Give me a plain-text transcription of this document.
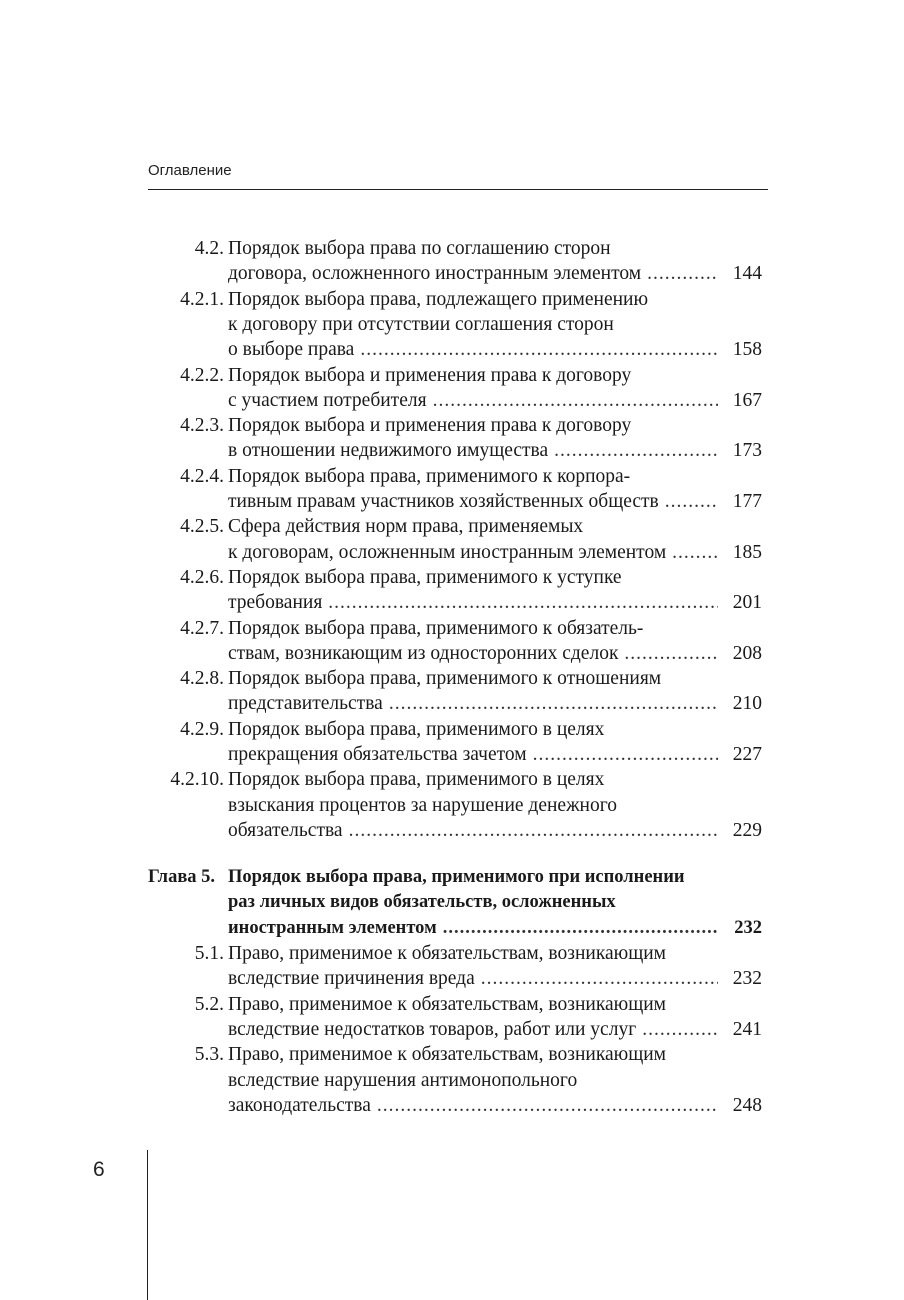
Оглавление
4.2. Порядок выбора права по соглашению сторон
договора, осложненного иностранным элементом .....	144
4.2.1. Порядок выбора права, подлежащего применению
к договору при отсутствии соглашения сторон
о выборе права .....	158
4.2.2. Порядок выбора и применения права к договору
с участием потребителя .....	167
4.2.3. Порядок выбора и применения права к договору
в отношении недвижимого имущества .....	173
4.2.4. Порядок выбора права, применимого к корпора-
тивным правам участников хозяйственных обществ .....	177
4.2.5. Сфера действия норм права, применяемых
к договорам, осложненным иностранным элементом .....	185
4.2.6. Порядок выбора права, применимого к уступке
требования .....	201
4.2.7. Порядок выбора права, применимого к обязатель-
ствам, возникающим из односторонних сделок .....	208
4.2.8. Порядок выбора права, применимого к отношениям
представительства .....	210
4.2.9. Порядок выбора права, применимого в целях
прекращения обязательства зачетом .....	227
4.2.10. Порядок выбора права, применимого в целях
взыскания процентов за нарушение денежного
обязательства .....	229
Глава 5. Порядок выбора права, применимого при исполнении
раз личных видов обязательств, осложненных
иностранным элементом .....	232
5.1. Право, применимое к обязательствам, возникающим
вследствие причинения вреда .....	232
5.2. Право, применимое к обязательствам, возникающим
вследствие недостатков товаров, работ или услуг .....	241
5.3. Право, применимое к обязательствам, возникающим
вследствие нарушения антимонопольного
законодательства .....	248
6
